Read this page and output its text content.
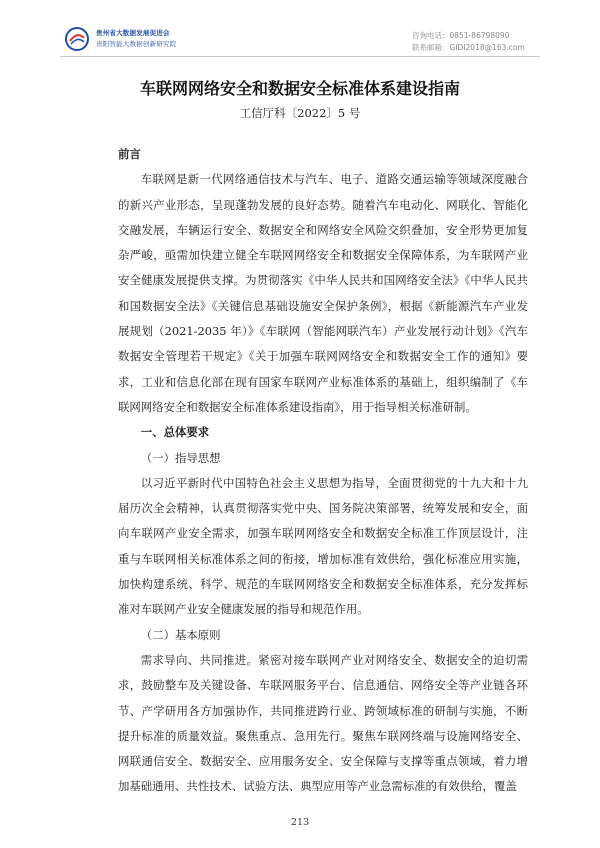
贵州省大数据发展促进会
贵阳智能大数据创新研究院
咨询电话：0851-86798090
联系邮箱：GIDI2018@163.com
车联网网络安全和数据安全标准体系建设指南
工信厅科〔2022〕5 号

前言

车联网是新一代网络通信技术与汽车、电子、道路交通运输等领域深度融合的新兴产业形态，呈现蓬勃发展的良好态势。随着汽车电动化、网联化、智能化交融发展，车辆运行安全、数据安全和网络安全风险交织叠加，安全形势更加复杂严峻，亟需加快建立健全车联网网络安全和数据安全保障体系，为车联网产业安全健康发展提供支撑。为贯彻落实《中华人民共和国网络安全法》《中华人民共和国数据安全法》《关键信息基础设施安全保护条例》，根据《新能源汽车产业发展规划（2021-2035 年）》《车联网（智能网联汽车）产业发展行动计划》《汽车数据安全管理若干规定》《关于加强车联网网络安全和数据安全工作的通知》要求，工业和信息化部在现有国家车联网产业标准体系的基础上，组织编制了《车联网网络安全和数据安全标准体系建设指南》，用于指导相关标准研制。

一、总体要求

（一）指导思想

以习近平新时代中国特色社会主义思想为指导，全面贯彻党的十九大和十九届历次全会精神，认真贯彻落实党中央、国务院决策部署，统筹发展和安全，面向车联网产业安全需求，加强车联网网络安全和数据安全标准工作顶层设计，注重与车联网相关标准体系之间的衔接，增加标准有效供给，强化标准应用实施，加快构建系统、科学、规范的车联网网络安全和数据安全标准体系，充分发挥标准对车联网产业安全健康发展的指导和规范作用。

（二）基本原则

需求导向、共同推进。紧密对接车联网产业对网络安全、数据安全的迫切需求，鼓励整车及关键设备、车联网服务平台、信息通信、网络安全等产业链各环节、产学研用各方加强协作，共同推进跨行业、跨领域标准的研制与实施，不断提升标准的质量效益。聚焦重点、急用先行。聚焦车联网终端与设施网络安全、网联通信安全、数据安全、应用服务安全、安全保障与支撑等重点领域，着力增加基础通用、共性技术、试验方法、典型应用等产业急需标准的有效供给，覆盖

213
